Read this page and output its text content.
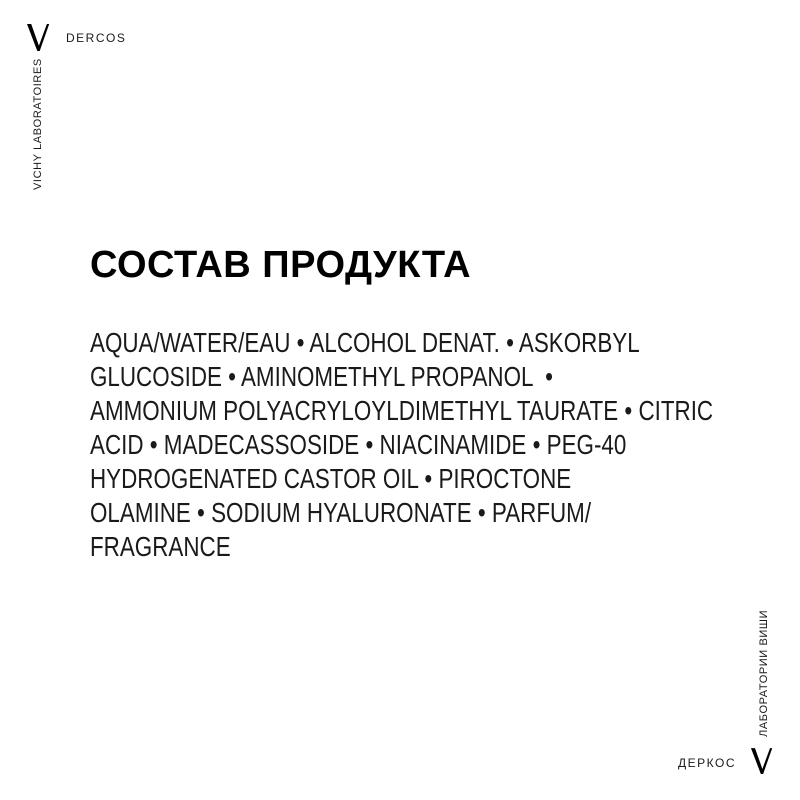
DERCOS
VICHY LABORATOIRES
СОСТАВ ПРОДУКТА
AQUA/WATER/EAU • ALCOHOL DENAT. • ASKORBYL
GLUCOSIDE • AMINOMETHYL PROPANOL  •
AMMONIUM POLYACRYLOYLDIMETHYL TAURATE • CITRIC
ACID • MADECASSOSIDE • NIACINAMIDE • PEG-40
HYDROGENATED CASTOR OIL • PIROCTONE
OLAMINE • SODIUM HYALURONATE • PARFUM/
FRAGRANCE
ЛАБОРАТОРИИ ВИШИ
ДЕРКОС
